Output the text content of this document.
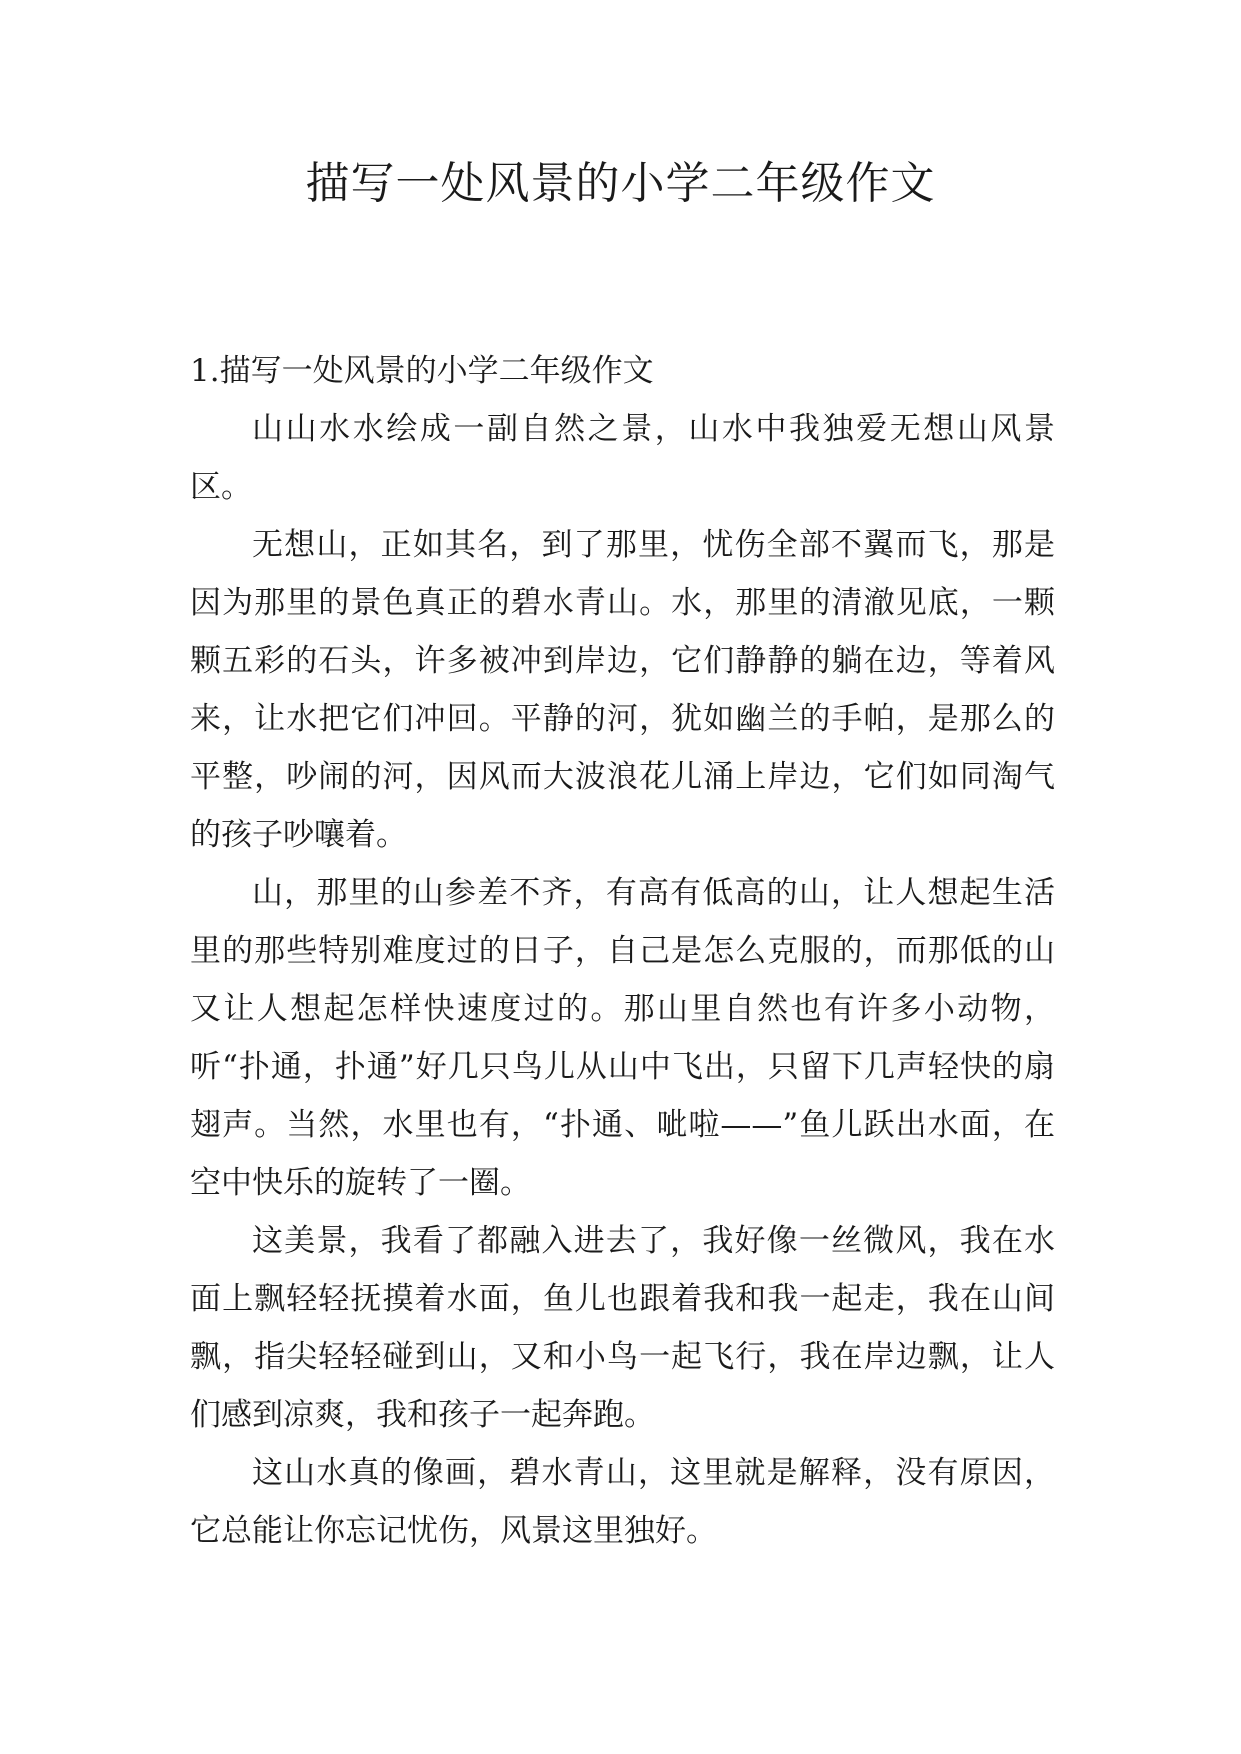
描写一处风景的小学二年级作文

1.描写一处风景的小学二年级作文

山山水水绘成一副自然之景，山水中我独爱无想山风景区。

无想山，正如其名，到了那里，忧伤全部不翼而飞，那是因为那里的景色真正的碧水青山。水，那里的清澈见底，一颗颗五彩的石头，许多被冲到岸边，它们静静的躺在边，等着风来，让水把它们冲回。平静的河，犹如幽兰的手帕，是那么的平整，吵闹的河，因风而大波浪花儿涌上岸边，它们如同淘气的孩子吵嚷着。

山，那里的山参差不齐，有高有低高的山，让人想起生活里的那些特别难度过的日子，自己是怎么克服的，而那低的山又让人想起怎样快速度过的。那山里自然也有许多小动物，听“扑通，扑通”好几只鸟儿从山中飞出，只留下几声轻快的扇翅声。当然，水里也有，“扑通、呲啦——”鱼儿跃出水面，在空中快乐的旋转了一圈。

这美景，我看了都融入进去了，我好像一丝微风，我在水面上飘轻轻抚摸着水面，鱼儿也跟着我和我一起走，我在山间飘，指尖轻轻碰到山，又和小鸟一起飞行，我在岸边飘，让人们感到凉爽，我和孩子一起奔跑。

这山水真的像画，碧水青山，这里就是解释，没有原因，它总能让你忘记忧伤，风景这里独好。
